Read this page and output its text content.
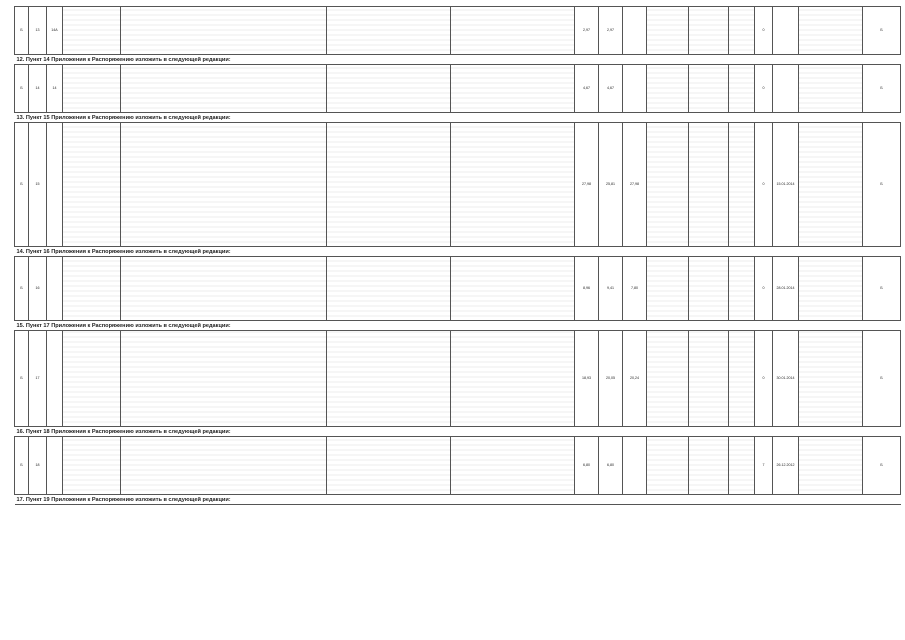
Б	13	14А					2,97	2,97					0			Б
12. Пункт 14 Приложения к Распоряжению изложить в следующей редакции:																
Б	14	14					4,67	4,67					0			Б
13. Пункт 15 Приложения к Распоряжению изложить в следующей редакции:																
Б	15						27,98	25,81	27,98				0	15.01.2014		Б
14. Пункт 16 Приложения к Распоряжению изложить в следующей редакции:																
Б	16						8,96	9,41	7,80				0	28.01.2014		Б
15. Пункт 17 Приложения к Распоряжению изложить в следующей редакции:																
Б	17						18,93	20,05	20,24				0	30.01.2014		Б
16. Пункт 18 Приложения к Распоряжению изложить в следующей редакции:																
Б	18						6,80	6,80					7	26.12.2012		Б
17. Пункт 19 Приложения к Распоряжению изложить в следующей редакции:																
